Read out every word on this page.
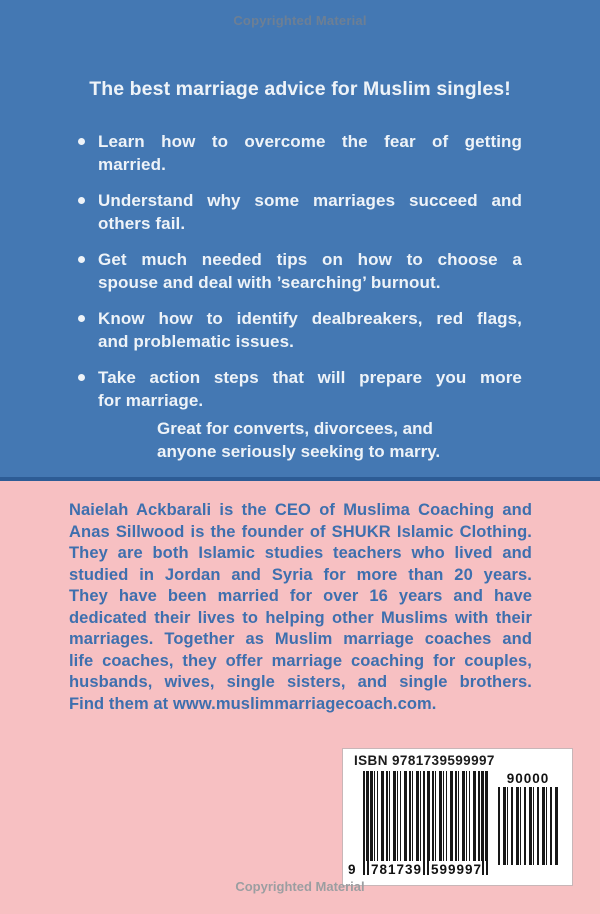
Copyrighted Material
The best marriage advice for Muslim singles!
Learn how to overcome the fear of getting
married.
Understand why some marriages succeed and
others fail.
Get much needed tips on how to choose a
spouse and deal with ’searching’ burnout.
Know how to identify dealbreakers, red flags,
and problematic issues.
Take action steps that will prepare you more
for marriage.
Great for converts, divorcees, and
anyone seriously seeking to marry.
Naielah Ackbarali is the CEO of Muslima Coaching and
Anas Sillwood is the founder of SHUKR Islamic Clothing.
They are both Islamic studies teachers who lived and
studied in Jordan and Syria for more than 20 years.
They have been married for over 16 years and have
dedicated their lives to helping other Muslims with their
marriages. Together as Muslim marriage coaches and
life coaches, they offer marriage coaching for couples,
husbands, wives, single sisters, and single brothers.
Find them at www.muslimmarriagecoach.com.
ISBN 9781739599997
9 781739 599997
90000
Copyrighted Material
